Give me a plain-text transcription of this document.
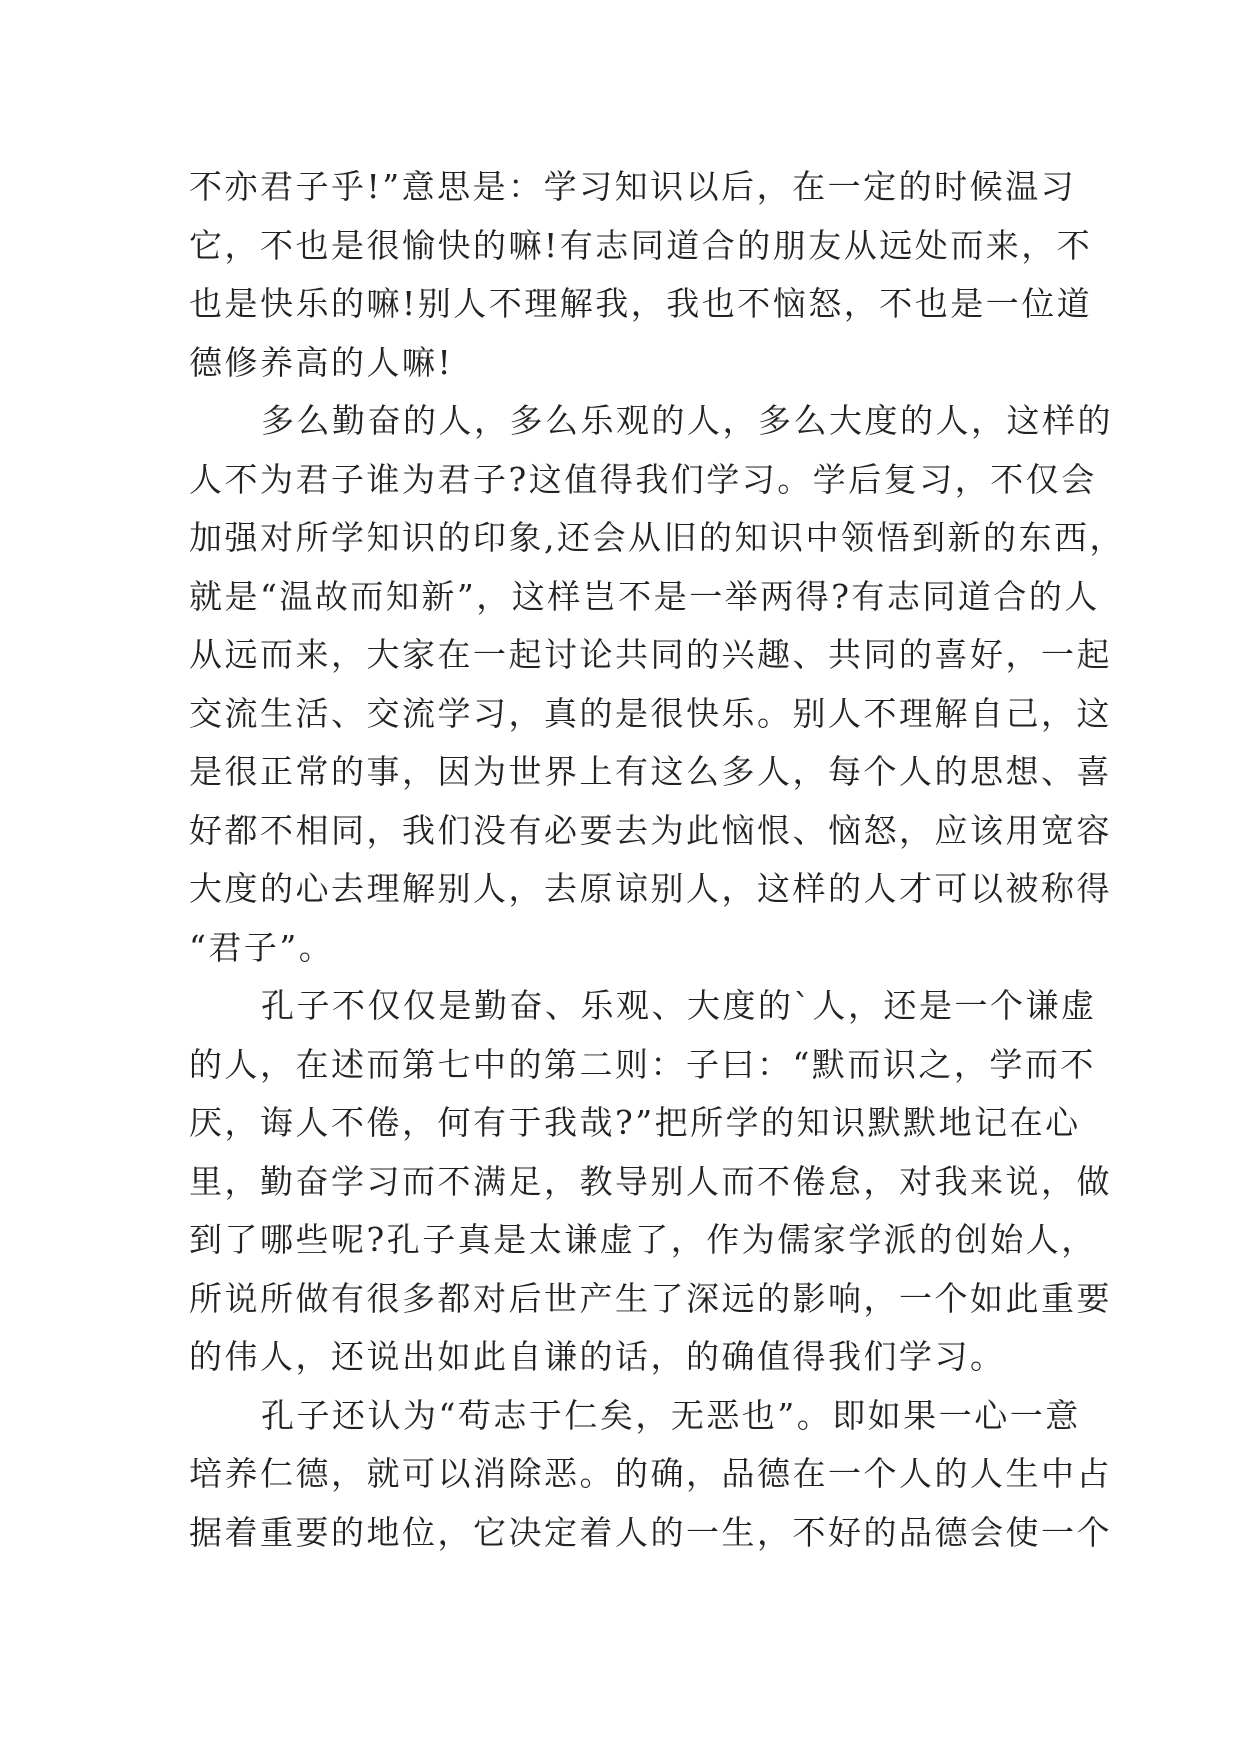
不亦君子乎!”意思是：学习知识以后，在一定的时候温习
它，不也是很愉快的嘛!有志同道合的朋友从远处而来，不
也是快乐的嘛!别人不理解我，我也不恼怒，不也是一位道
德修养高的人嘛!
多么勤奋的人，多么乐观的人，多么大度的人，这样的
人不为君子谁为君子?这值得我们学习。学后复习，不仅会
加强对所学知识的印象,还会从旧的知识中领悟到新的东西，
就是“温故而知新”，这样岂不是一举两得?有志同道合的人
从远而来，大家在一起讨论共同的兴趣、共同的喜好，一起
交流生活、交流学习，真的是很快乐。别人不理解自己，这
是很正常的事，因为世界上有这么多人，每个人的思想、喜
好都不相同，我们没有必要去为此恼恨、恼怒，应该用宽容
大度的心去理解别人，去原谅别人，这样的人才可以被称得
“君子”。
孔子不仅仅是勤奋、乐观、大度的`人，还是一个谦虚
的人，在述而第七中的第二则：子曰：“默而识之，学而不
厌，诲人不倦，何有于我哉?”把所学的知识默默地记在心
里，勤奋学习而不满足，教导别人而不倦怠，对我来说，做
到了哪些呢?孔子真是太谦虚了，作为儒家学派的创始人，
所说所做有很多都对后世产生了深远的影响，一个如此重要
的伟人，还说出如此自谦的话，的确值得我们学习。
孔子还认为“苟志于仁矣，无恶也”。即如果一心一意
培养仁德，就可以消除恶。的确，品德在一个人的人生中占
据着重要的地位，它决定着人的一生，不好的品德会使一个
